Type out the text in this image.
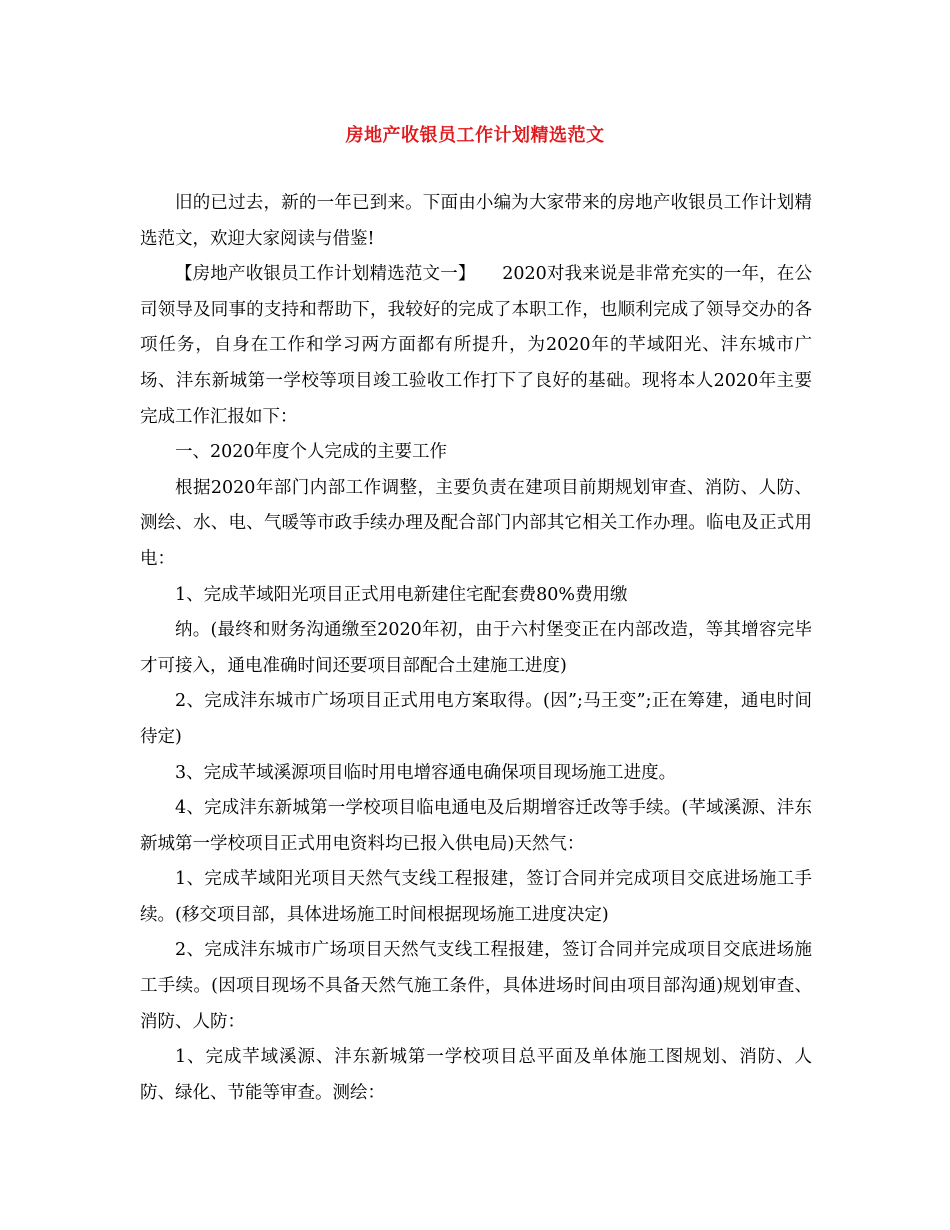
房地产收银员工作计划精选范文

旧的已过去，新的一年已到来。下面由小编为大家带来的房地产收银员工作计划精选范文，欢迎大家阅读与借鉴!

【房地产收银员工作计划精选范文一】　　2020对我来说是非常充实的一年，在公司领导及同事的支持和帮助下，我较好的完成了本职工作，也顺利完成了领导交办的各项任务，自身在工作和学习两方面都有所提升，为2020年的芊域阳光、沣东城市广场、沣东新城第一学校等项目竣工验收工作打下了良好的基础。现将本人2020年主要完成工作汇报如下：

一、2020年度个人完成的主要工作

根据2020年部门内部工作调整，主要负责在建项目前期规划审查、消防、人防、测绘、水、电、气暖等市政手续办理及配合部门内部其它相关工作办理。临电及正式用电：

1、完成芊域阳光项目正式用电新建住宅配套费80%费用缴

纳。(最终和财务沟通缴至2020年初，由于六村堡变正在内部改造，等其增容完毕才可接入，通电准确时间还要项目部配合土建施工进度)

2、完成沣东城市广场项目正式用电方案取得。(因”;马王变”;正在筹建，通电时间待定)

3、完成芊域溪源项目临时用电增容通电确保项目现场施工进度。

4、完成沣东新城第一学校项目临电通电及后期增容迁改等手续。(芊域溪源、沣东新城第一学校项目正式用电资料均已报入供电局)天然气：

1、完成芊域阳光项目天然气支线工程报建，签订合同并完成项目交底进场施工手续。(移交项目部，具体进场施工时间根据现场施工进度决定)

2、完成沣东城市广场项目天然气支线工程报建，签订合同并完成项目交底进场施工手续。(因项目现场不具备天然气施工条件，具体进场时间由项目部沟通)规划审查、消防、人防：

1、完成芊域溪源、沣东新城第一学校项目总平面及单体施工图规划、消防、人防、绿化、节能等审查。测绘：
